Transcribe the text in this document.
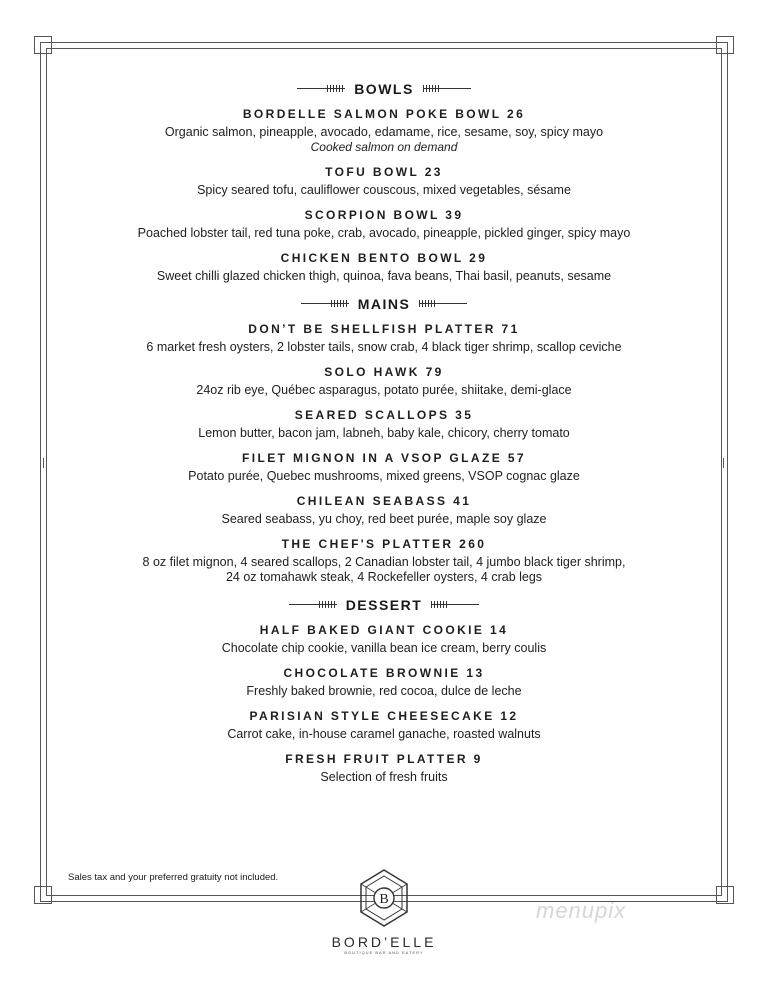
BOWLS
BORDELLE SALMON POKE BOWL 26
Organic salmon, pineapple, avocado, edamame, rice, sesame, soy, spicy mayo
Cooked salmon on demand
TOFU BOWL 23
Spicy seared tofu, cauliflower couscous, mixed vegetables, sésame
SCORPION BOWL 39
Poached lobster tail, red tuna poke, crab, avocado, pineapple, pickled ginger, spicy mayo
CHICKEN BENTO BOWL 29
Sweet chilli glazed chicken thigh, quinoa, fava beans, Thai basil, peanuts, sesame
MAINS
DON’T BE SHELLFISH PLATTER 71
6 market fresh oysters, 2 lobster tails, snow crab, 4 black tiger shrimp, scallop ceviche
SOLO HAWK 79
24oz rib eye, Québec asparagus, potato purée, shiitake, demi-glace
SEARED SCALLOPS 35
Lemon butter, bacon jam, labneh, baby kale, chicory, cherry tomato
FILET MIGNON IN A VSOP GLAZE 57
Potato purée, Quebec mushrooms, mixed greens, VSOP cognac glaze
CHILEAN SEABASS 41
Seared seabass, yu choy, red beet purée, maple soy glaze
THE CHEF'S PLATTER 260
8 oz filet mignon, 4 seared scallops, 2 Canadian lobster tail, 4 jumbo black tiger shrimp,
24 oz tomahawk steak, 4 Rockefeller oysters, 4 crab legs
DESSERT
HALF BAKED GIANT COOKIE 14
Chocolate chip cookie, vanilla bean ice cream, berry coulis
CHOCOLATE BROWNIE 13
Freshly baked brownie, red cocoa, dulce de leche
PARISIAN STYLE CHEESECAKE 12
Carrot cake, in-house caramel ganache, roasted walnuts
FRESH FRUIT PLATTER 9
Selection of fresh fruits
Sales tax and your preferred gratuity not included.
B
BORD’ELLE
BOUTIQUE BAR AND EATERY
menupix
